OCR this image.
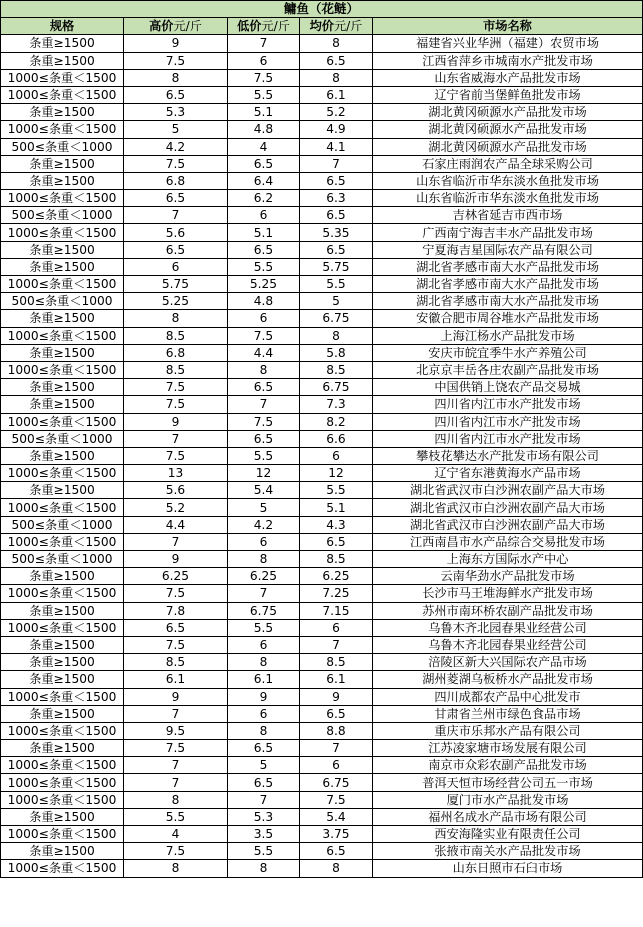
鳙鱼（花鲢）				
规格	高价元/斤	低价元/斤	均价元/斤	市场名称
条重≥1500	9	7	8	福建省兴业华洲（福建）农贸市场
条重≥1500	7.5	6	6.5	江西省萍乡市城南水产批发市场
1000≤条重＜1500	8	7.5	8	山东省威海水产品批发市场
1000≤条重＜1500	6.5	5.5	6.1	辽宁省前当堡鲜鱼批发市场
条重≥1500	5.3	5.1	5.2	湖北黄冈硕源水产品批发市场
1000≤条重＜1500	5	4.8	4.9	湖北黄冈硕源水产品批发市场
500≤条重＜1000	4.2	4	4.1	湖北黄冈硕源水产品批发市场
条重≥1500	7.5	6.5	7	石家庄雨润农产品全球采购公司
条重≥1500	6.8	6.4	6.5	山东省临沂市华东淡水鱼批发市场
1000≤条重＜1500	6.5	6.2	6.3	山东省临沂市华东淡水鱼批发市场
500≤条重＜1000	7	6	6.5	吉林省延吉市西市场
1000≤条重＜1500	5.6	5.1	5.35	广西南宁海吉丰水产品批发市场
条重≥1500	6.5	6.5	6.5	宁夏海吉星国际农产品有限公司
条重≥1500	6	5.5	5.75	湖北省孝感市南大水产品批发市场
1000≤条重＜1500	5.75	5.25	5.5	湖北省孝感市南大水产品批发市场
500≤条重＜1000	5.25	4.8	5	湖北省孝感市南大水产品批发市场
条重≥1500	8	6	6.75	安徽合肥市周谷堆水产品批发市场
1000≤条重＜1500	8.5	7.5	8	上海江杨水产品批发市场
条重≥1500	6.8	4.4	5.8	安庆市皖宜季牛水产养殖公司
1000≤条重＜1500	8.5	8	8.5	北京京丰岳各庄农副产品批发市场
条重≥1500	7.5	6.5	6.75	中国供销上饶农产品交易城
条重≥1500	7.5	7	7.3	四川省内江市水产批发市场
1000≤条重＜1500	9	7.5	8.2	四川省内江市水产批发市场
500≤条重＜1000	7	6.5	6.6	四川省内江市水产批发市场
条重≥1500	7.5	5.5	6	攀枝花攀达水产批发市场有限公司
1000≤条重＜1500	13	12	12	辽宁省东港黄海水产品市场
条重≥1500	5.6	5.4	5.5	湖北省武汉市白沙洲农副产品大市场
1000≤条重＜1500	5.2	5	5.1	湖北省武汉市白沙洲农副产品大市场
500≤条重＜1000	4.4	4.2	4.3	湖北省武汉市白沙洲农副产品大市场
1000≤条重＜1500	7	6	6.5	江西南昌市水产品综合交易批发市场
500≤条重＜1000	9	8	8.5	上海东方国际水产中心
条重≥1500	6.25	6.25	6.25	云南华劲水产品批发市场
1000≤条重＜1500	7.5	7	7.25	长沙市马王堆海鲜水产批发市场
条重≥1500	7.8	6.75	7.15	苏州市南环桥农副产品批发市场
1000≤条重＜1500	6.5	5.5	6	乌鲁木齐北园春果业经营公司
条重≥1500	7.5	6	7	乌鲁木齐北园春果业经营公司
条重≥1500	8.5	8	8.5	涪陵区新大兴国际农产品市场
条重≥1500	6.1	6.1	6.1	湖州菱湖乌板桥水产品批发市场
1000≤条重＜1500	9	9	9	四川成都农产品中心批发市
条重≥1500	7	6	6.5	甘肃省兰州市绿色食品市场
1000≤条重＜1500	9.5	8	8.8	重庆市乐邦水产品有限公司
条重≥1500	7.5	6.5	7	江苏凌家塘市场发展有限公司
1000≤条重＜1500	7	5	6	南京市众彩农副产品批发市场
1000≤条重＜1500	7	6.5	6.75	普洱天恒市场经营公司五一市场
1000≤条重＜1500	8	7	7.5	厦门市水产品批发市场
条重≥1500	5.5	5.3	5.4	福州名成水产品市场有限公司
1000≤条重＜1500	4	3.5	3.75	西安海隆实业有限责任公司
条重≥1500	7.5	5.5	6.5	张掖市南关水产品批发市场
1000≤条重＜1500	8	8	8	山东日照市石臼市场
